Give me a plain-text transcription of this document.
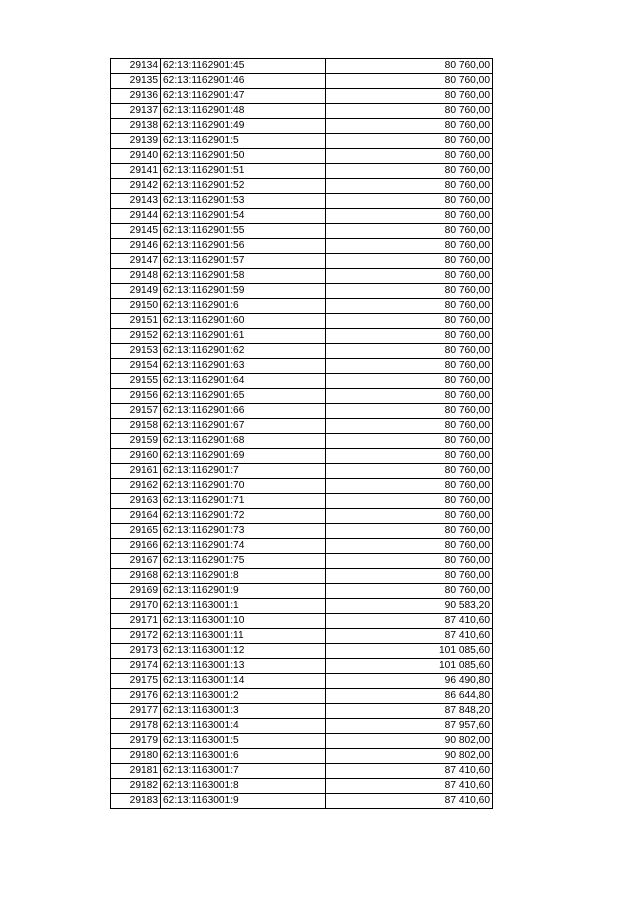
29134	62:13:1162901:45	80 760,00
29135	62:13:1162901:46	80 760,00
29136	62:13:1162901:47	80 760,00
29137	62:13:1162901:48	80 760,00
29138	62:13:1162901:49	80 760,00
29139	62:13:1162901:5	80 760,00
29140	62:13:1162901:50	80 760,00
29141	62:13:1162901:51	80 760,00
29142	62:13:1162901:52	80 760,00
29143	62:13:1162901:53	80 760,00
29144	62:13:1162901:54	80 760,00
29145	62:13:1162901:55	80 760,00
29146	62:13:1162901:56	80 760,00
29147	62:13:1162901:57	80 760,00
29148	62:13:1162901:58	80 760,00
29149	62:13:1162901:59	80 760,00
29150	62:13:1162901:6	80 760,00
29151	62:13:1162901:60	80 760,00
29152	62:13:1162901:61	80 760,00
29153	62:13:1162901:62	80 760,00
29154	62:13:1162901:63	80 760,00
29155	62:13:1162901:64	80 760,00
29156	62:13:1162901:65	80 760,00
29157	62:13:1162901:66	80 760,00
29158	62:13:1162901:67	80 760,00
29159	62:13:1162901:68	80 760,00
29160	62:13:1162901:69	80 760,00
29161	62:13:1162901:7	80 760,00
29162	62:13:1162901:70	80 760,00
29163	62:13:1162901:71	80 760,00
29164	62:13:1162901:72	80 760,00
29165	62:13:1162901:73	80 760,00
29166	62:13:1162901:74	80 760,00
29167	62:13:1162901:75	80 760,00
29168	62:13:1162901:8	80 760,00
29169	62:13:1162901:9	80 760,00
29170	62:13:1163001:1	90 583,20
29171	62:13:1163001:10	87 410,60
29172	62:13:1163001:11	87 410,60
29173	62:13:1163001:12	101 085,60
29174	62:13:1163001:13	101 085,60
29175	62:13:1163001:14	96 490,80
29176	62:13:1163001:2	86 644,80
29177	62:13:1163001:3	87 848,20
29178	62:13:1163001:4	87 957,60
29179	62:13:1163001:5	90 802,00
29180	62:13:1163001:6	90 802,00
29181	62:13:1163001:7	87 410,60
29182	62:13:1163001:8	87 410,60
29183	62:13:1163001:9	87 410,60
